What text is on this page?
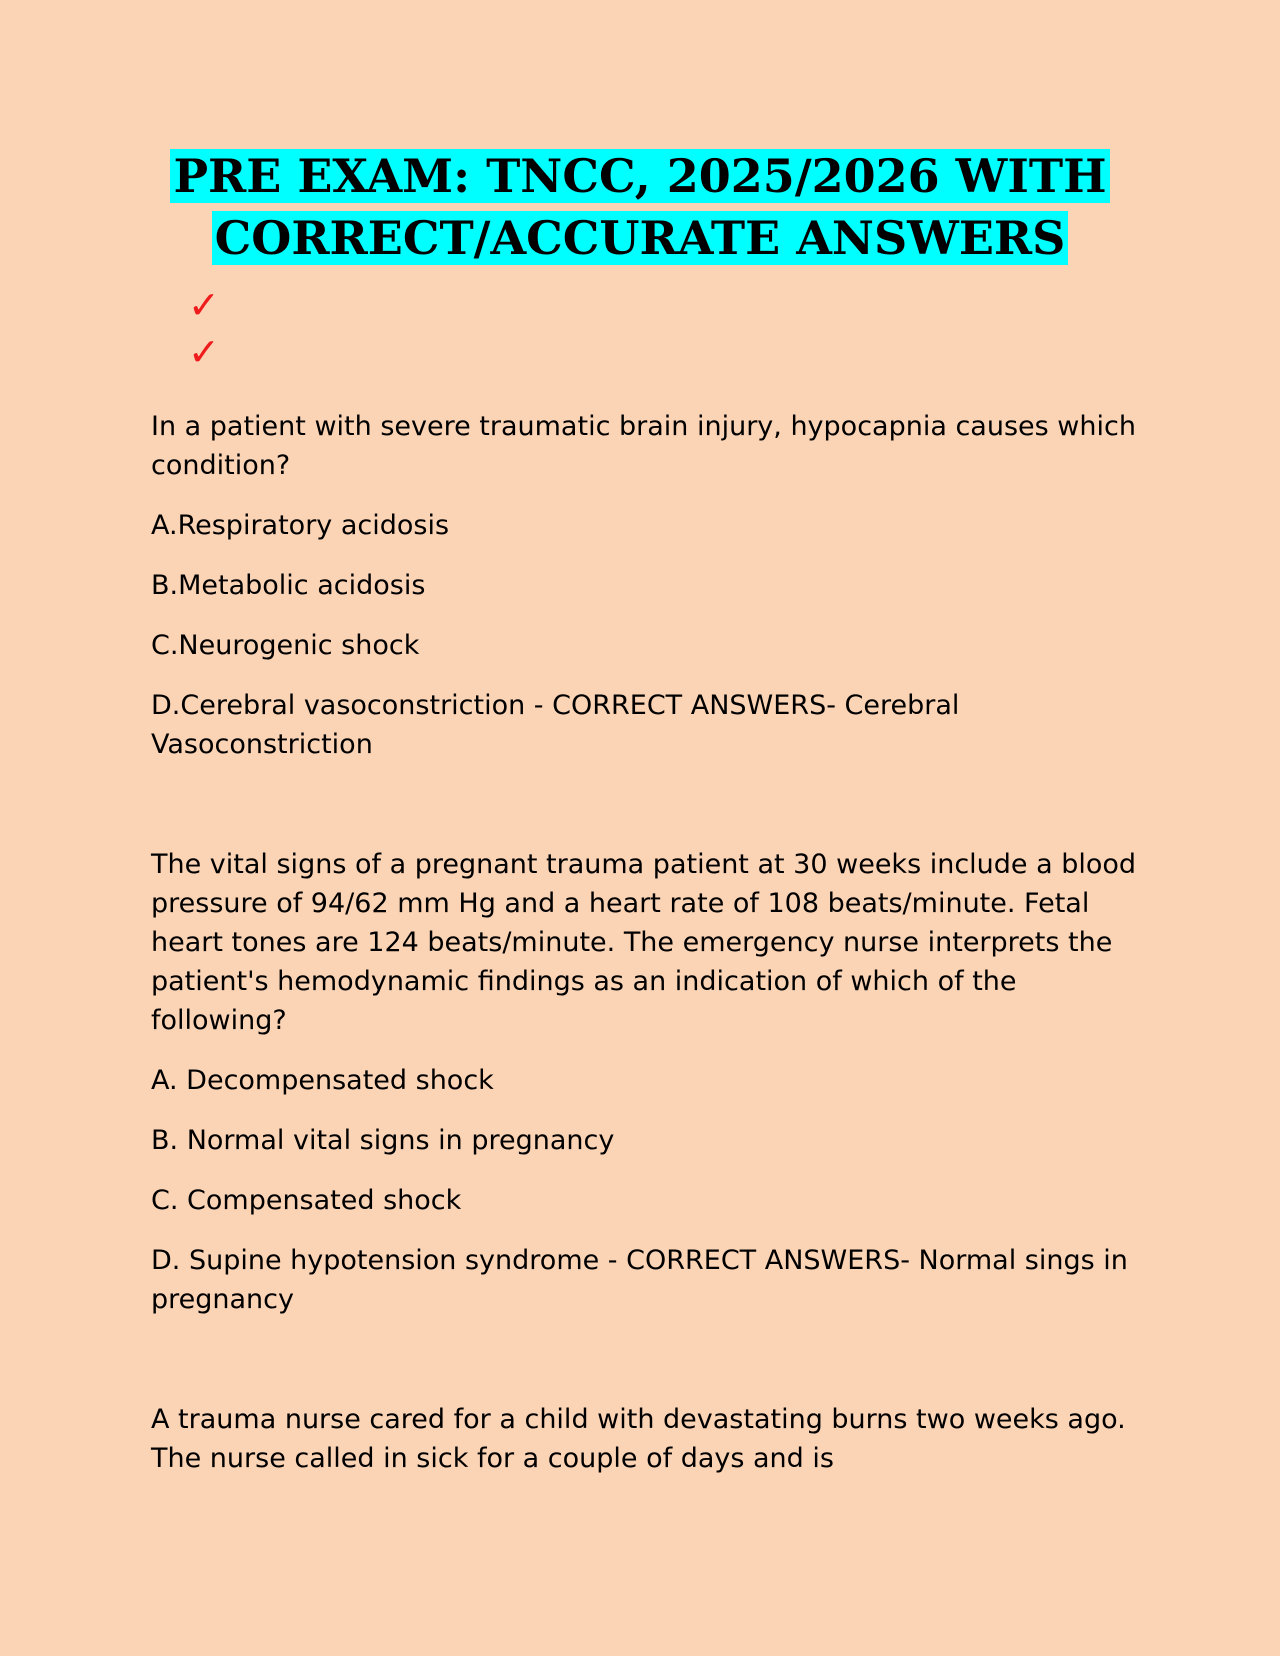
PRE EXAM: TNCC, 2025/2026 WITH
CORRECT/ACCURATE ANSWERS
✓
✓

In a patient with severe traumatic brain injury, hypocapnia causes which condition?

A.Respiratory acidosis

B.Metabolic acidosis

C.Neurogenic shock

D.Cerebral vasoconstriction - CORRECT ANSWERS- Cerebral Vasoconstriction

The vital signs of a pregnant trauma patient at 30 weeks include a blood pressure of 94/62 mm Hg and a heart rate of 108 beats/minute. Fetal heart tones are 124 beats/minute. The emergency nurse interprets the patient's hemodynamic findings as an indication of which of the following?

A. Decompensated shock

B. Normal vital signs in pregnancy

C. Compensated shock

D. Supine hypotension syndrome - CORRECT ANSWERS- Normal sings in pregnancy

A trauma nurse cared for a child with devastating burns two weeks ago. The nurse called in sick for a couple of days and is
